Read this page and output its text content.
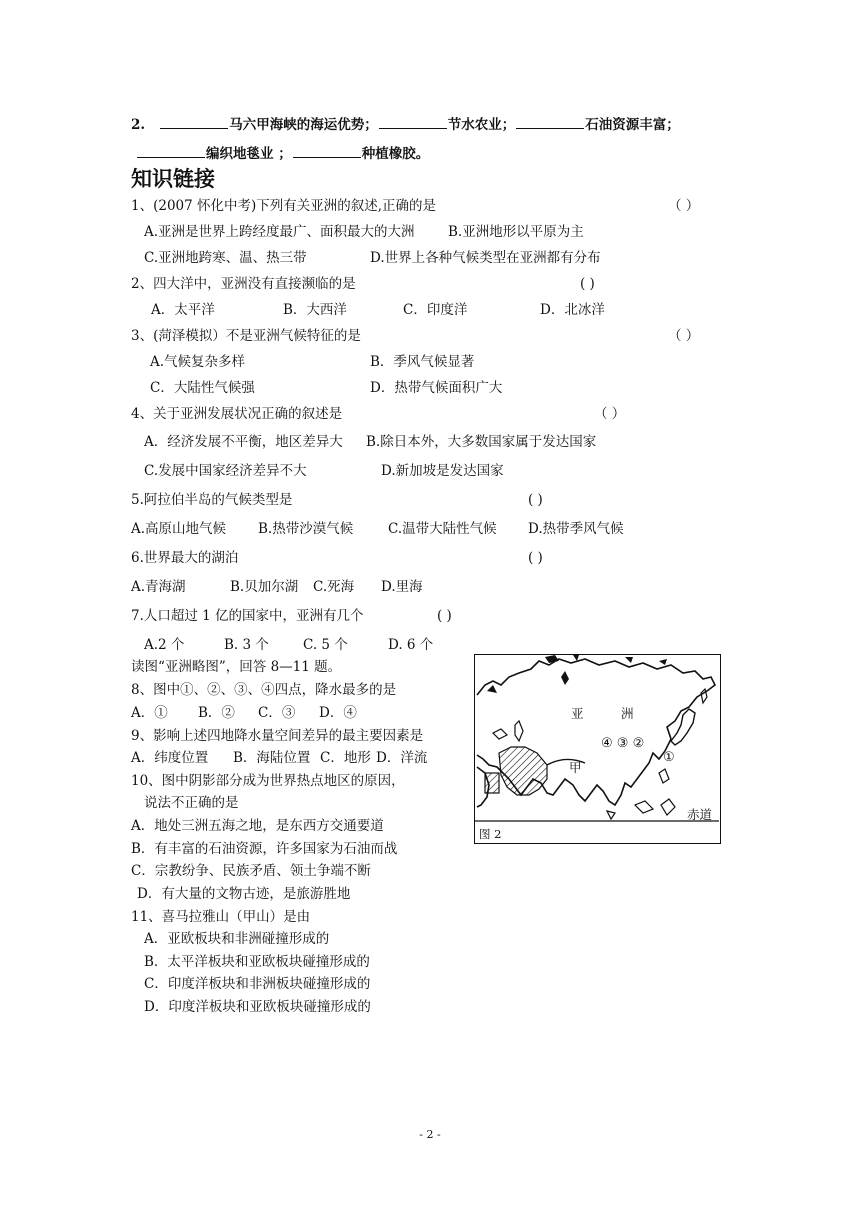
2.	马六甲海峡的海运优势；	节水农业；	石油资源丰富；
编织地毯业 ；	种植橡胶。
知识链接
1、(2007 怀化中考)下列有关亚洲的叙述,正确的是	（ ）
A.亚洲是世界上跨经度最广、面积最大的大洲 B.亚洲地形以平原为主
C.亚洲地跨寒、温、热三带	D.世界上各种气候类型在亚洲都有分布
2、四大洋中，亚洲没有直接濒临的是	( )
A．太平洋	B．大西洋	C．印度洋	D．北冰洋
3、(菏泽模拟）不是亚洲气候特征的是	（ ）
A.气候复杂多样	B．季风气候显著
C．大陆性气候强	D．热带气候面积广大
4、关于亚洲发展状况正确的叙述是	（ ）
A．经济发展不平衡，地区差异大 B.除日本外，大多数国家属于发达国家
C.发展中国家经济差异不大	D.新加坡是发达国家
5.阿拉伯半岛的气候类型是	( )
A.高原山地气候 B.热带沙漠气候	C.温带大陆性气候 D.热带季风气候
6.世界最大的湖泊	( )
A.青海湖	B.贝加尔湖 C.死海 D.里海
7.人口超过 1 亿的国家中，亚洲有几个	( )
A.2 个	B. 3 个	C. 5 个	D. 6 个
读图“亚洲略图”，回答 8—11 题。
8、图中①、②、③、④四点，降水最多的是
A．① B．② C．③ D．④
9、影响上述四地降水量空间差异的最主要因素是
A．纬度位置 B．海陆位置 C．地形 D．洋流
10、图中阴影部分成为世界热点地区的原因，
说法不正确的是
A．地处三洲五海之地，是东西方交通要道
B．有丰富的石油资源，许多国家为石油而战
C．宗教纷争、民族矛盾、领土争端不断
D．有大量的文物古迹，是旅游胜地
11、喜马拉雅山（甲山）是由
A．亚欧板块和非洲碰撞形成的
B．太平洋板块和亚欧板块碰撞形成的
C．印度洋板块和非洲板块碰撞形成的
D．印度洋板块和亚欧板块碰撞形成的
亚	洲
④ ③ ②
①
甲
赤道
图 2
- 2 -
